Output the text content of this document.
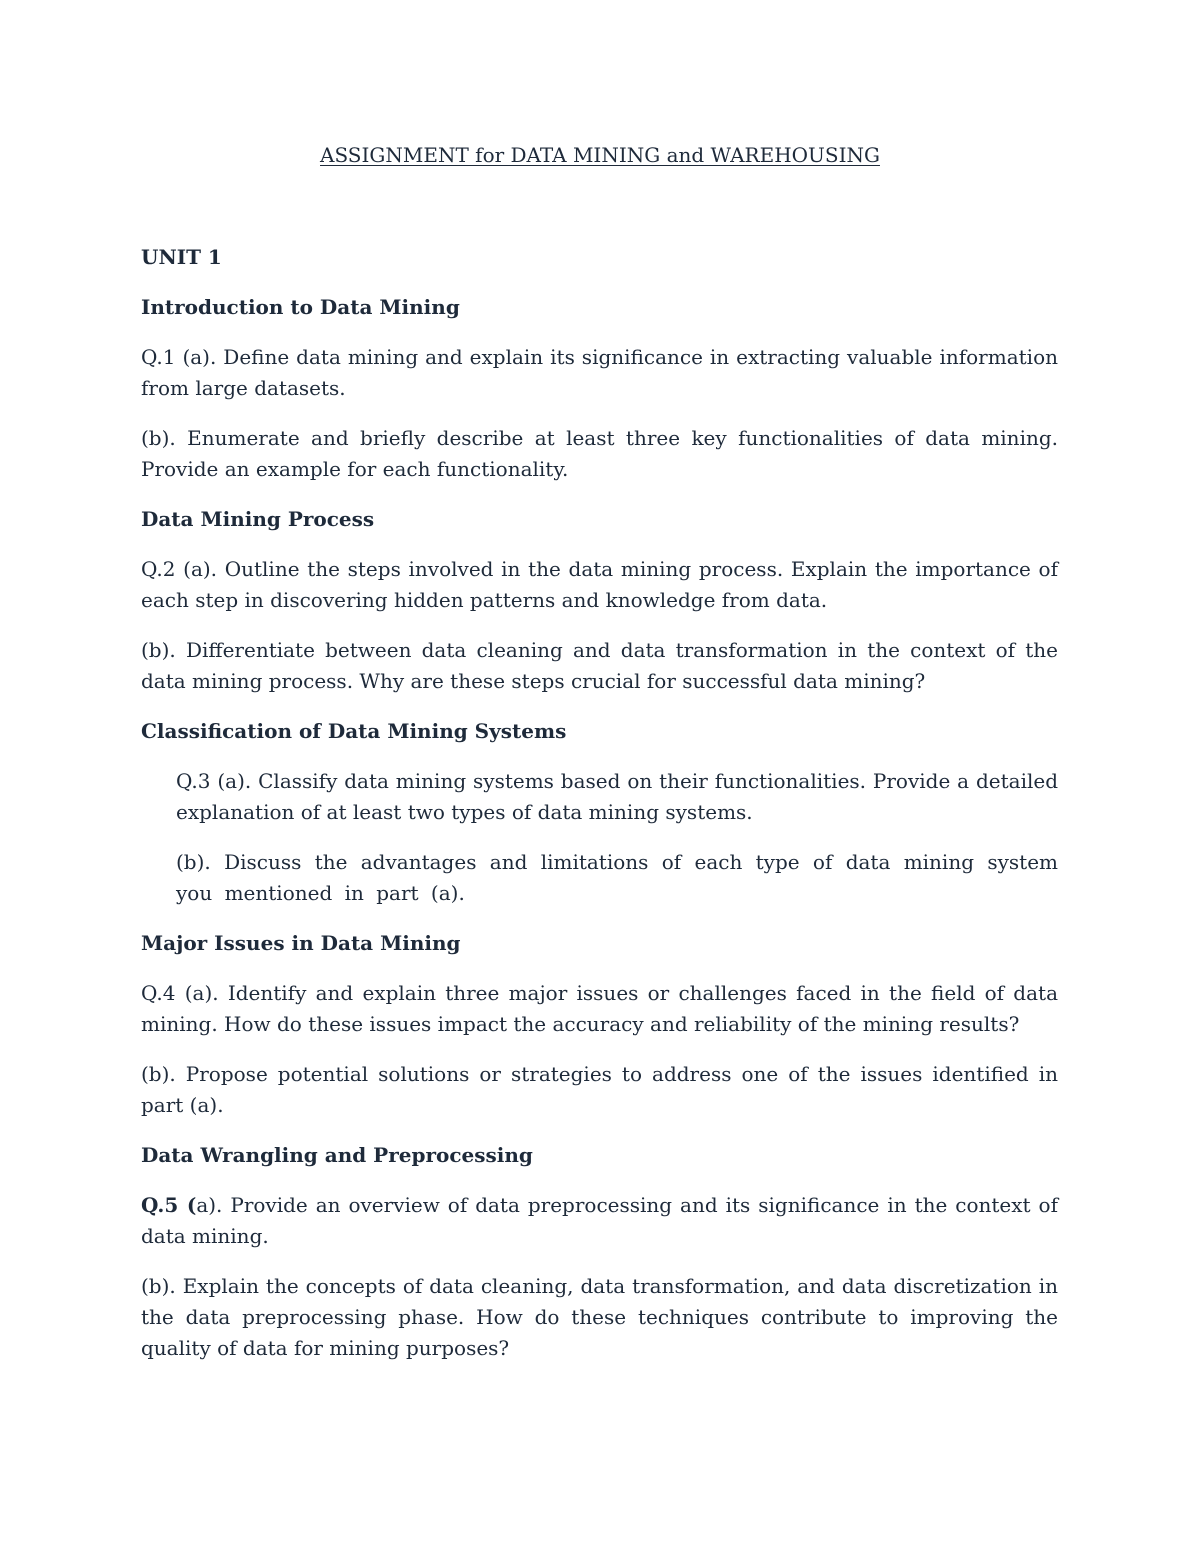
ASSIGNMENT for DATA MINING and WAREHOUSING
UNIT 1
Introduction to Data Mining
Q.1 (a). Define data mining and explain its significance in extracting valuable information from large datasets.
(b). Enumerate and briefly describe at least three key functionalities of data mining. Provide an example for each functionality.
Data Mining Process
Q.2 (a). Outline the steps involved in the data mining process. Explain the importance of each step in discovering hidden patterns and knowledge from data.
(b). Differentiate between data cleaning and data transformation in the context of the data mining process. Why are these steps crucial for successful data mining?
Classification of Data Mining Systems
Q.3 (a). Classify data mining systems based on their functionalities. Provide a detailed explanation of at least two types of data mining systems.
(b). Discuss the advantages and limitations of each type of data mining system you mentioned in part (a).
Major Issues in Data Mining
Q.4 (a). Identify and explain three major issues or challenges faced in the field of data mining. How do these issues impact the accuracy and reliability of the mining results?
(b). Propose potential solutions or strategies to address one of the issues identified in part (a).
Data Wrangling and Preprocessing
Q.5 (a). Provide an overview of data preprocessing and its significance in the context of data mining.
(b). Explain the concepts of data cleaning, data transformation, and data discretization in the data preprocessing phase. How do these techniques contribute to improving the quality of data for mining purposes?
